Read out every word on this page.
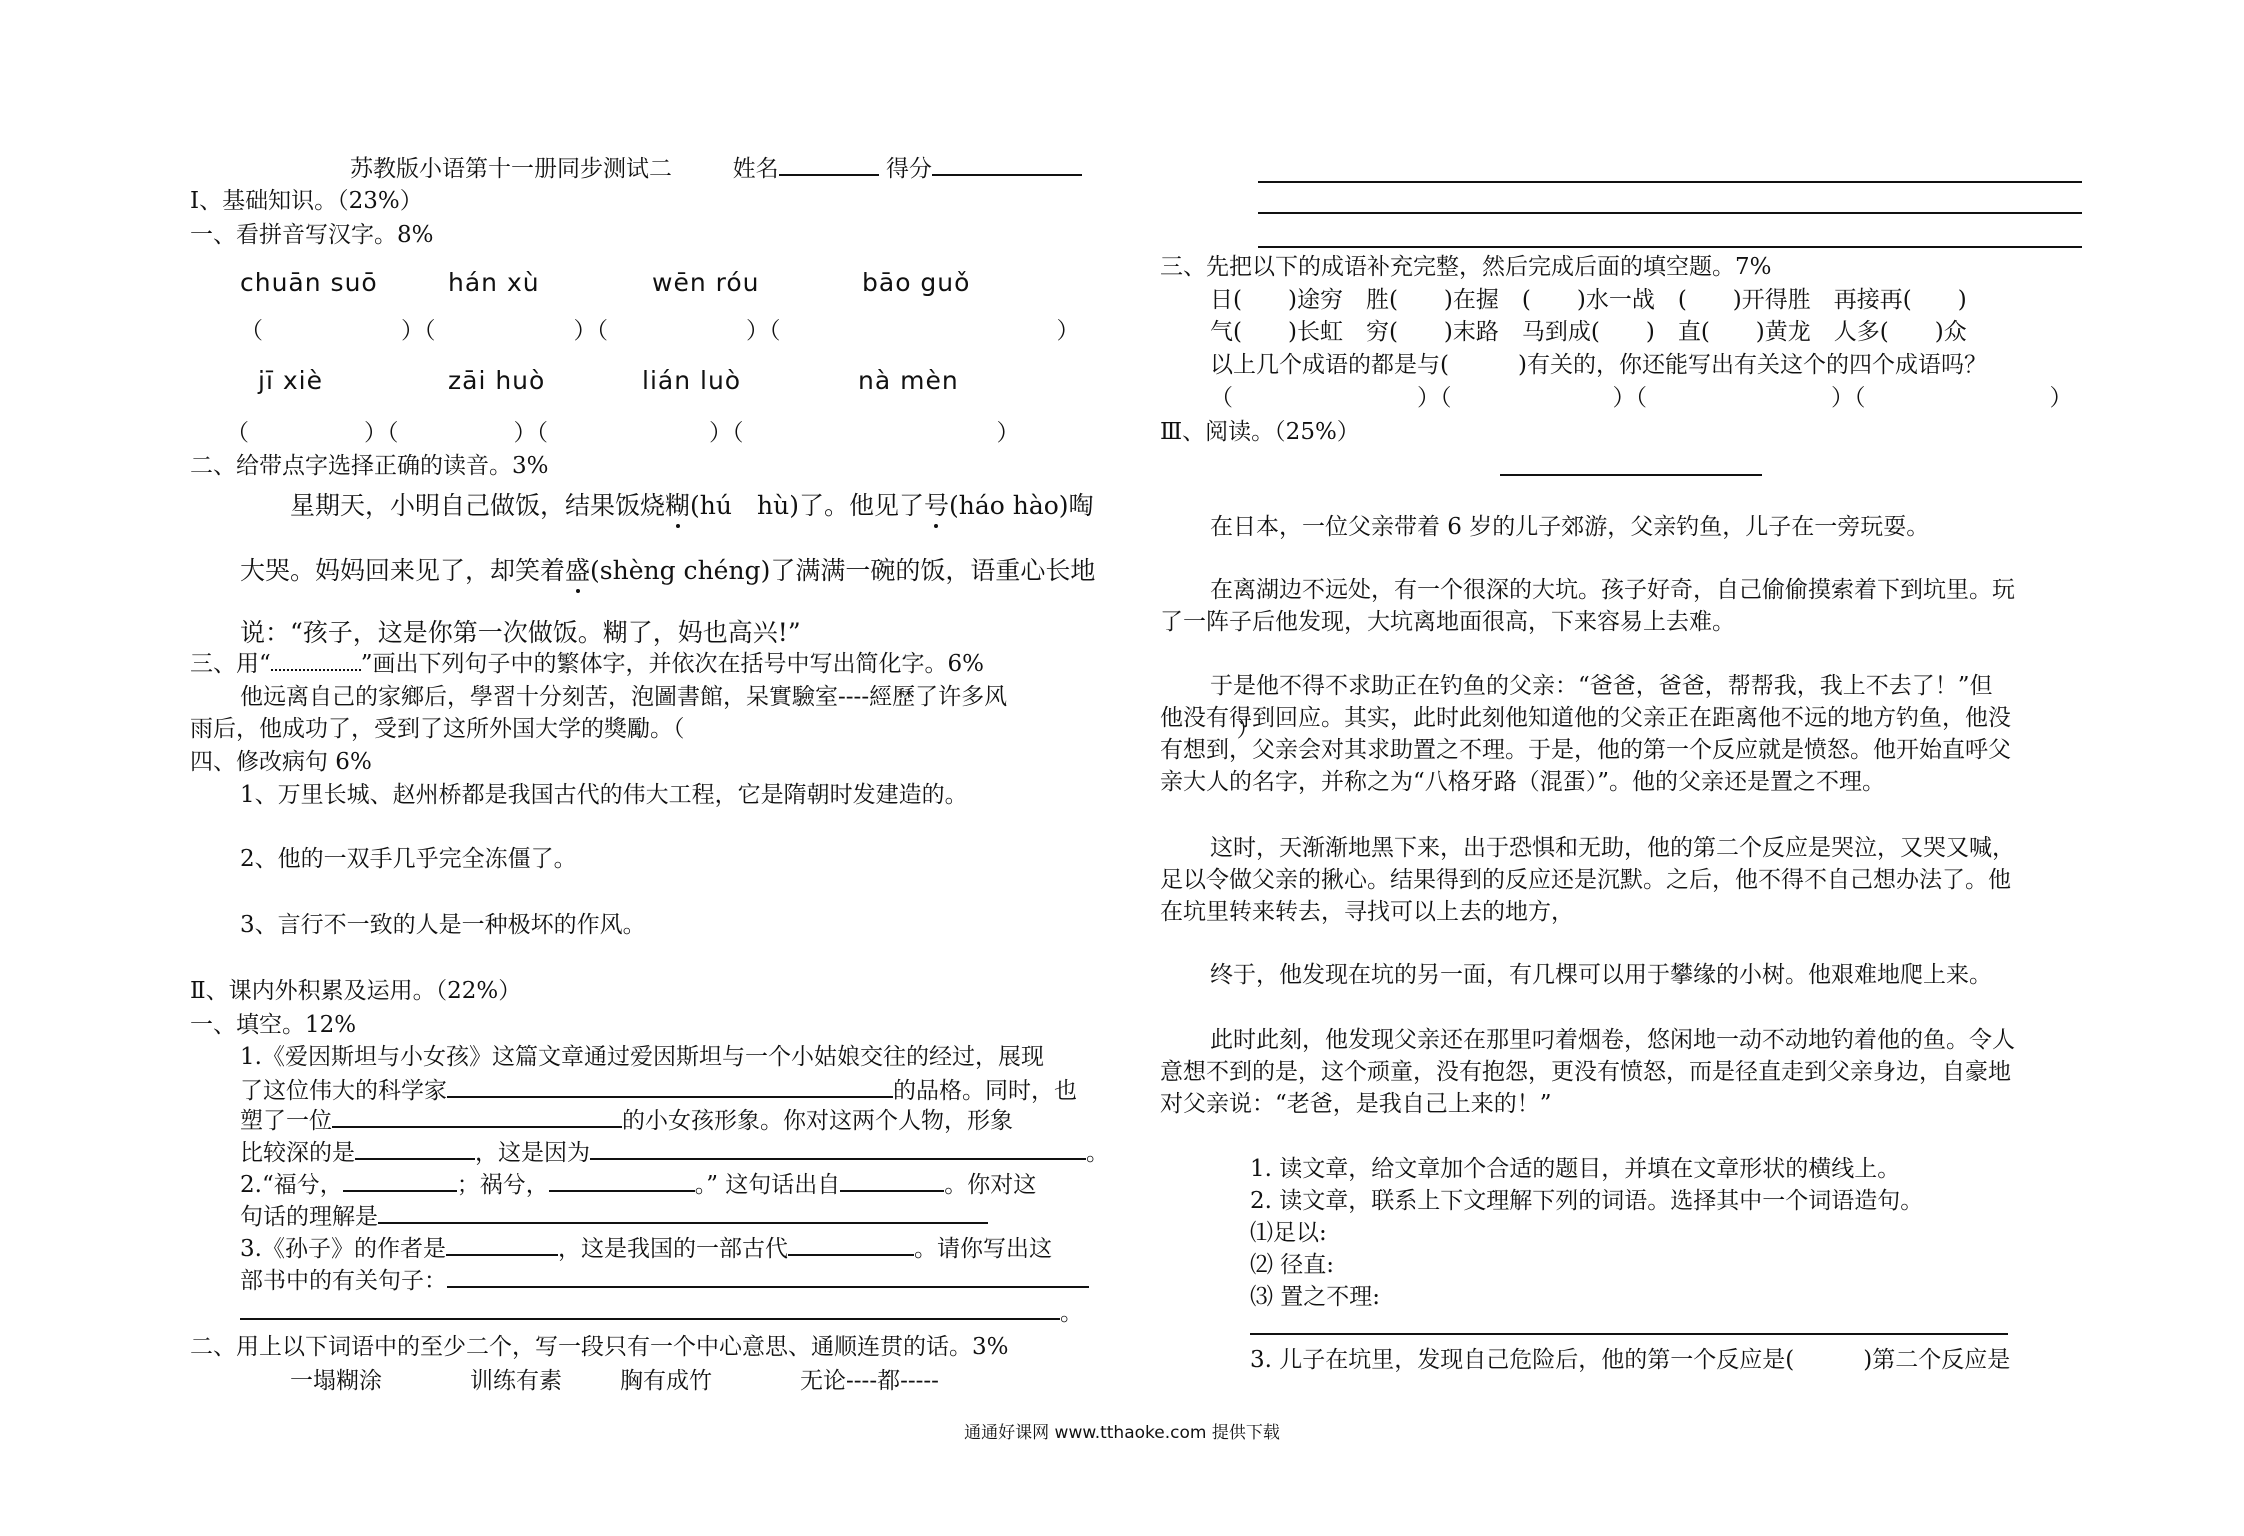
苏教版小语第十一册同步测试二	姓名	得分
Ⅰ、基础知识。（23%）
一、看拼音写汉字。8%
chuān suō	hán xù	wēn róu	bāo guǒ
（　　　　　　）（　　　　　　）（　　　　　　）（　　　　　　　　　　　　）
jī xiè	zāi huò	lián luò	nà mèn
（　　　　　）（　　　　　）（　　　　　　　）（　　　　　　　　　　　）
二、给带点字选择正确的读音。3%
星期天，小明自己做饭，结果饭烧糊(hú　hù)了。他见了号(háo hào)啕
大哭。妈妈回来见了，却笑着盛(shèng chéng)了满满一碗的饭，语重心长地
说：“孩子，这是你第一次做饭。糊了，妈也高兴!”
三、用“	”画出下列句子中的繁体字，并依次在括号中写出简化字。6%
他远离自己的家鄉后，學習十分刻苦，泡圖書館，呆實驗室----經歷了许多风
雨后，他成功了，受到了这所外国大学的獎勵。（　　　　　　　　　　　　　　　　　　　　　　　　）
四、修改病句 6%
1、万里长城、赵州桥都是我国古代的伟大工程，它是隋朝时发建造的。
2、他的一双手几乎完全冻僵了。
3、言行不一致的人是一种极坏的作风。
Ⅱ、课内外积累及运用。（22%）
一、填空。12%
1.《爱因斯坦与小女孩》这篇文章通过爱因斯坦与一个小姑娘交往的经过，展现
了这位伟大的科学家	的品格。同时，也
塑了一位	的小女孩形象。你对这两个人物，形象
比较深的是	，这是因为	。
2.“福兮，	；祸兮，	。” 这句话出自	。你对这
句话的理解是
3.《孙子》的作者是	，这是我国的一部古代	。请你写出这
部书中的有关句子：
。
二、用上以下词语中的至少二个，写一段只有一个中心意思、通顺连贯的话。3%
一塌糊涂	训练有素	胸有成竹	无论----都-----
三、先把以下的成语补充完整，然后完成后面的填空题。7%
日(　　)途穷　胜(　　)在握　(　　)水一战　(　　)开得胜　再接再(　　)
气(　　)长虹　穷(　　)末路　马到成(　　)　直(　　)黄龙　人多(　　)众
以上几个成语的都是与(　　　)有关的，你还能写出有关这个的四个成语吗？
（　　　　　　　　）（　　　　　　　）（　　　　　　　　）（　　　　　　　　）
Ⅲ、阅读。（25%）
在日本，一位父亲带着 6 岁的儿子郊游，父亲钓鱼，儿子在一旁玩耍。
在离湖边不远处，有一个很深的大坑。孩子好奇，自己偷偷摸索着下到坑里。玩
了一阵子后他发现，大坑离地面很高，下来容易上去难。
于是他不得不求助正在钓鱼的父亲：“爸爸，爸爸，帮帮我，我上不去了！”但
他没有得到回应。其实，此时此刻他知道他的父亲正在距离他不远的地方钓鱼，他没
有想到，父亲会对其求助置之不理。于是，他的第一个反应就是愤怒。他开始直呼父
亲大人的名字，并称之为“八格牙路（混蛋）”。他的父亲还是置之不理。
这时，天渐渐地黑下来，出于恐惧和无助，他的第二个反应是哭泣，又哭又喊，
足以令做父亲的揪心。结果得到的反应还是沉默。之后，他不得不自己想办法了。他
在坑里转来转去，寻找可以上去的地方，
终于，他发现在坑的另一面，有几棵可以用于攀缘的小树。他艰难地爬上来。
此时此刻，他发现父亲还在那里叼着烟卷，悠闲地一动不动地钓着他的鱼。令人
意想不到的是，这个顽童，没有抱怨，更没有愤怒，而是径直走到父亲身边，自豪地
对父亲说：“老爸，是我自己上来的！”
1. 读文章，给文章加个合适的题目，并填在文章形状的横线上。
2. 读文章，联系上下文理解下列的词语。选择其中一个词语造句。
⑴足以:
⑵ 径直:
⑶ 置之不理:
3. 儿子在坑里，发现自己危险后，他的第一个反应是(　　　)第二个反应是
通通好课网 www.tthaoke.com 提供下载
